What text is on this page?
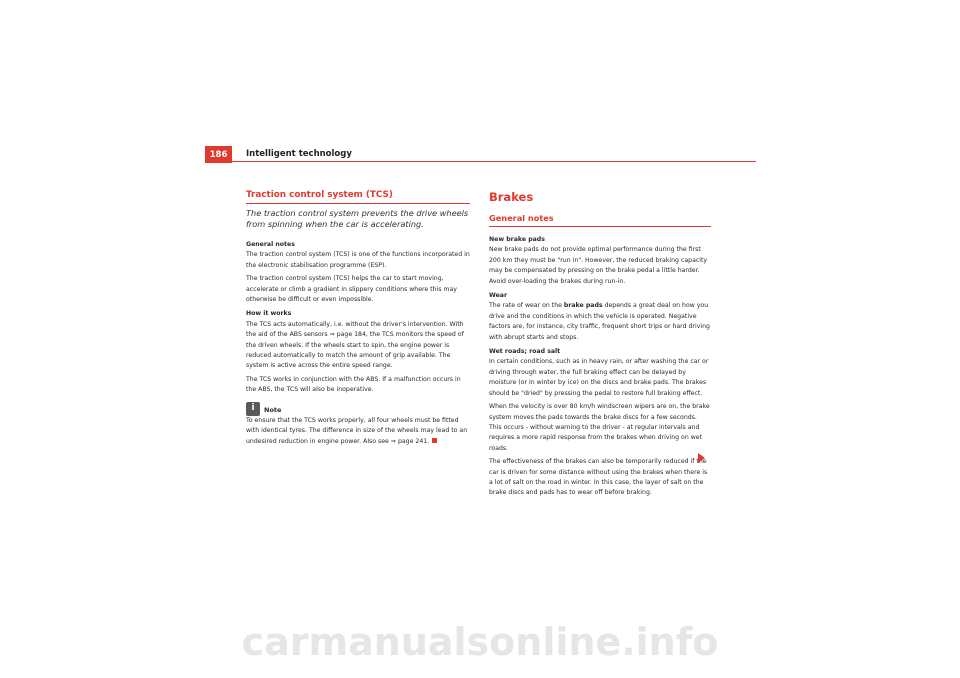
186	Intelligent technology
Traction control system (TCS)
The traction control system prevents the drive wheels from spinning when the car is accelerating.
General notes

The traction control system (TCS) is one of the functions incorporated in the electronic stabilisation programme (ESP).

The traction control system (TCS) helps the car to start moving, accelerate or climb a gradient in slippery conditions where this may otherwise be difficult or even impossible.

How it works

The TCS acts automatically, i.e. without the driver's intervention. With the aid of the ABS sensors ⇒ page 184, the TCS monitors the speed of the driven wheels. If the wheels start to spin, the engine power is reduced automatically to match the amount of grip available. The system is active across the entire speed range.

The TCS works in conjunction with the ABS. If a malfunction occurs in the ABS, the TCS will also be inoperative.

i	Note

To ensure that the TCS works properly, all four wheels must be fitted with identical tyres. The difference in size of the wheels may lead to an undesired reduction in engine power. Also see ⇒ page 241.

Brakes
General notes
New brake pads

New brake pads do not provide optimal performance during the first 200 km they must be "run in". However, the reduced braking capacity may be compensated by pressing on the brake pedal a little harder. Avoid over-loading the brakes during run-in.

Wear

The rate of wear on the brake pads depends a great deal on how you drive and the conditions in which the vehicle is operated. Negative factors are, for instance, city traffic, frequent short trips or hard driving with abrupt starts and stops.

Wet roads; road salt

In certain conditions, such as in heavy rain, or after washing the car or driving through water, the full braking effect can be delayed by moisture (or in winter by ice) on the discs and brake pads. The brakes should be "dried" by pressing the pedal to restore full braking effect.

When the velocity is over 80 km/h windscreen wipers are on, the brake system moves the pads towards the brake discs for a few seconds. This occurs - without warning to the driver - at regular intervals and requires a more rapid response from the brakes when driving on wet roads.

The effectiveness of the brakes can also be temporarily reduced if the car is driven for some distance without using the brakes when there is a lot of salt on the road in winter. In this case, the layer of salt on the brake discs and pads has to wear off before braking.

carmanualsonline.info
